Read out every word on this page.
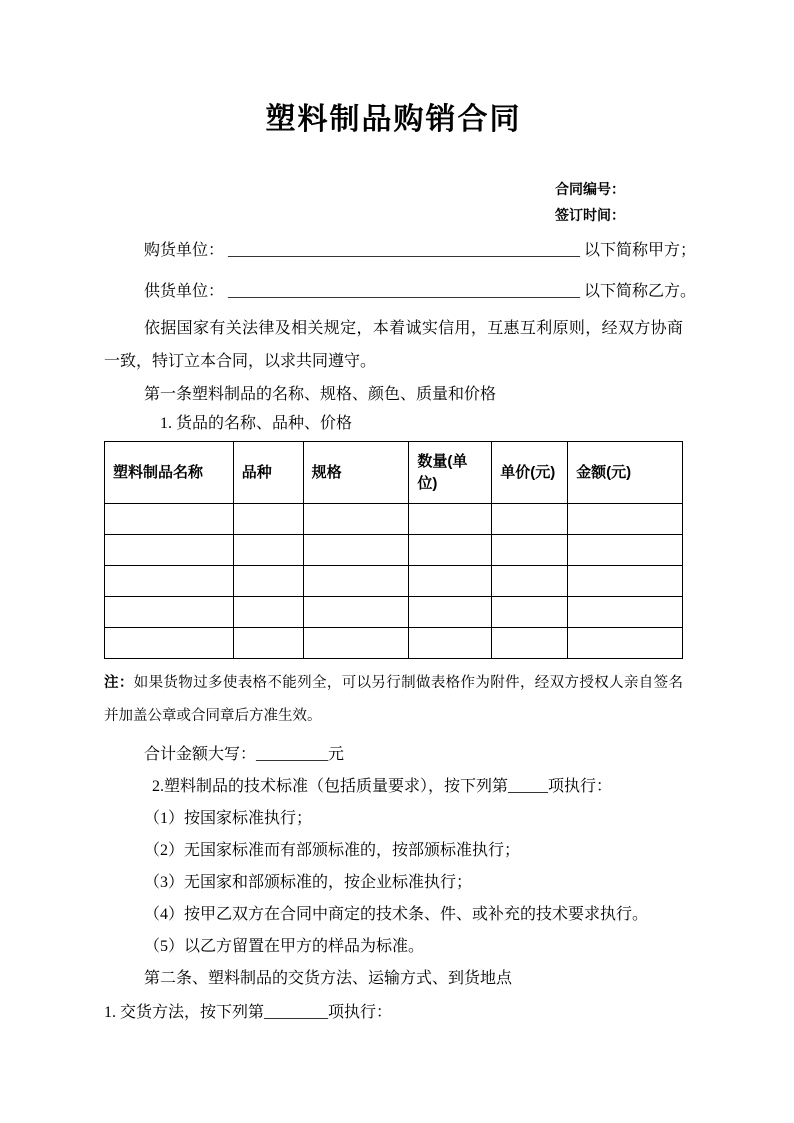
塑料制品购销合同
合同编号：
签订时间：
购货单位： ____________________________________________ 以下简称甲方；
供货单位： ____________________________________________ 以下简称乙方。

依据国家有关法律及相关规定，本着诚实信用，互惠互利原则，经双方协商一致，特订立本合同，以求共同遵守。

第一条塑料制品的名称、规格、颜色、质量和价格
1. 货品的名称、品种、价格
塑料制品名称	品种	规格	数量(单位)	单价(元)	金额(元)

注：如果货物过多使表格不能列全，可以另行制做表格作为附件，经双方授权人亲自签名并加盖公章或合同章后方准生效。

合计金额大写：_________元
2.塑料制品的技术标准（包括质量要求），按下列第_____项执行：
（1）按国家标准执行；
（2）无国家标准而有部颁标准的，按部颁标准执行；
（3）无国家和部颁标准的，按企业标准执行；
（4）按甲乙双方在合同中商定的技术条、件、或补充的技术要求执行。
（5）以乙方留置在甲方的样品为标准。
第二条、塑料制品的交货方法、运输方式、到货地点
1. 交货方法，按下列第________项执行：
